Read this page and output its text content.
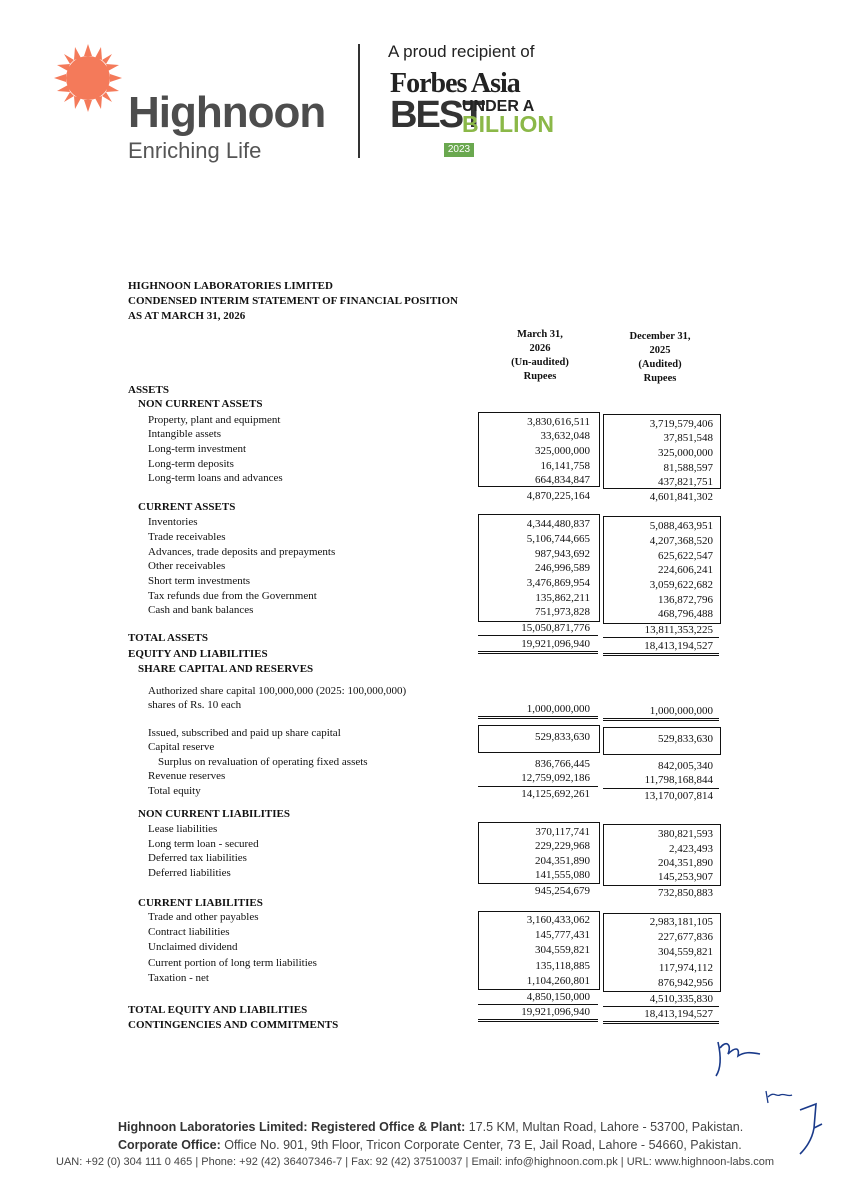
Highnoon
Enriching Life
A proud recipient of
Forbes Asia
BEST
UNDER A
BILLION
2023
HIGHNOON LABORATORIES LIMITED
CONDENSED INTERIM STATEMENT OF FINANCIAL POSITION
AS AT MARCH 31, 2026
March 31,
2026
(Un-audited)
Rupees
December 31,
2025
(Audited)
Rupees
ASSETS
NON CURRENT ASSETS
Property, plant and equipment	3,830,616,511	3,719,579,406
Intangible assets	33,632,048	37,851,548
Long-term investment	325,000,000	325,000,000
Long-term deposits	16,141,758	81,588,597
Long-term loans and advances	664,834,847	437,821,751
4,870,225,164	4,601,841,302
CURRENT ASSETS
Inventories	4,344,480,837	5,088,463,951
Trade receivables	5,106,744,665	4,207,368,520
Advances, trade deposits and prepayments	987,943,692	625,622,547
Other receivables	246,996,589	224,606,241
Short term investments	3,476,869,954	3,059,622,682
Tax refunds due from the Government	135,862,211	136,872,796
Cash and bank balances	751,973,828	468,796,488
15,050,871,776	13,811,353,225
TOTAL ASSETS	19,921,096,940	18,413,194,527
EQUITY AND LIABILITIES
SHARE CAPITAL AND RESERVES
Authorized share capital 100,000,000 (2025: 100,000,000)
shares of Rs. 10 each	1,000,000,000	1,000,000,000
Issued, subscribed and paid up share capital	529,833,630	529,833,630
Capital reserve
Surplus on revaluation of operating fixed assets	836,766,445	842,005,340
Revenue reserves	12,759,092,186	11,798,168,844
Total equity	14,125,692,261	13,170,007,814
NON CURRENT LIABILITIES
Lease liabilities	370,117,741	380,821,593
Long term loan - secured	229,229,968	2,423,493
Deferred tax liabilities	204,351,890	204,351,890
Deferred liabilities	141,555,080	145,253,907
945,254,679	732,850,883
CURRENT LIABILITIES
Trade and other payables	3,160,433,062	2,983,181,105
Contract liabilities	145,777,431	227,677,836
Unclaimed dividend	304,559,821	304,559,821
Current portion of long term liabilities	135,118,885	117,974,112
Taxation - net	1,104,260,801	876,942,956
4,850,150,000	4,510,335,830
TOTAL EQUITY AND LIABILITIES	19,921,096,940	18,413,194,527
CONTINGENCIES AND COMMITMENTS
Highnoon Laboratories Limited: Registered Office & Plant: 17.5 KM, Multan Road, Lahore - 53700, Pakistan.
Corporate Office: Office No. 901, 9th Floor, Tricon Corporate Center, 73 E, Jail Road, Lahore - 54660, Pakistan.
UAN: +92 (0) 304 111 0 465 | Phone: +92 (42) 36407346-7 | Fax: 92 (42) 37510037 | Email: info@highnoon.com.pk | URL: www.highnoon-labs.com
